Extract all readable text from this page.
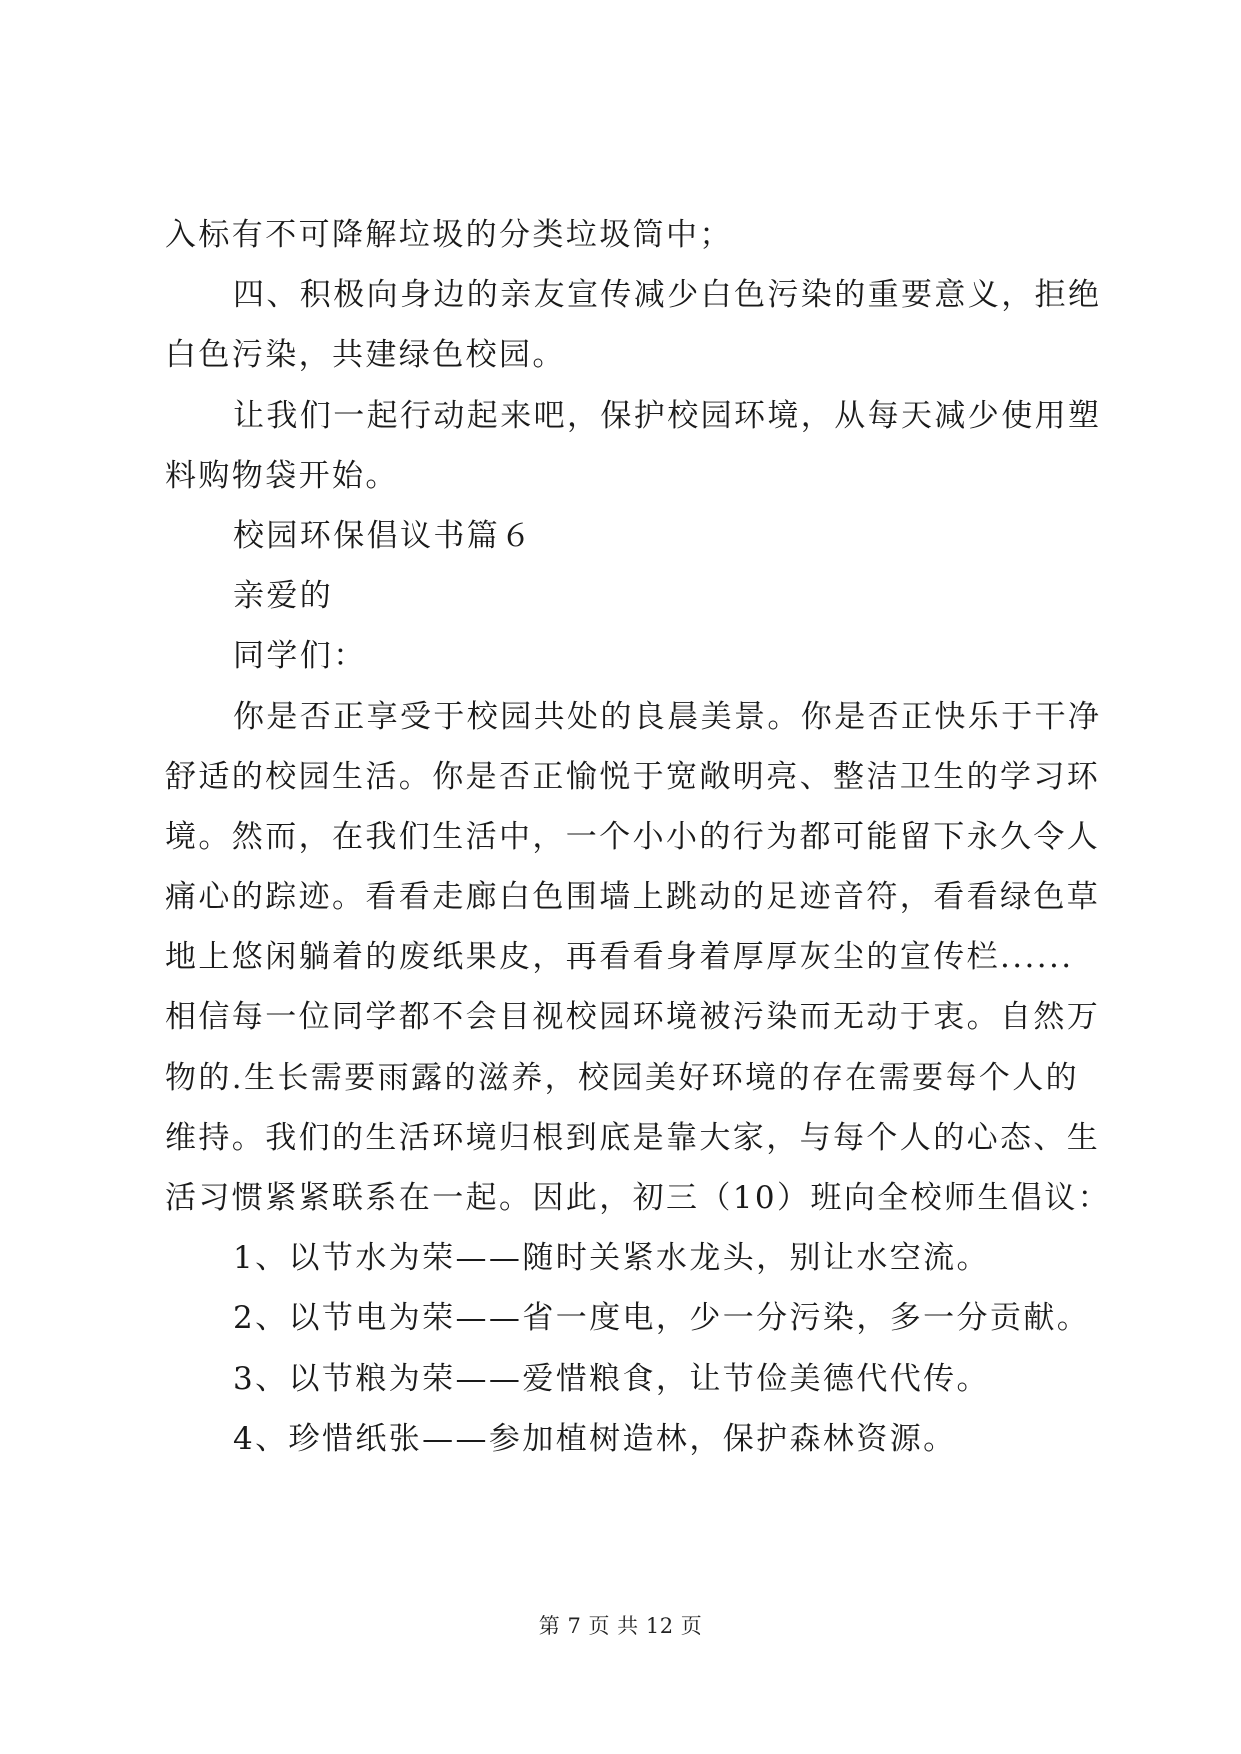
入标有不可降解垃圾的分类垃圾筒中；
四、积极向身边的亲友宣传减少白色污染的重要意义，拒绝
白色污染，共建绿色校园。
让我们一起行动起来吧，保护校园环境，从每天减少使用塑
料购物袋开始。
校园环保倡议书篇６
亲爱的
同学们：
你是否正享受于校园共处的良晨美景。你是否正快乐于干净
舒适的校园生活。你是否正愉悦于宽敞明亮、整洁卫生的学习环
境。然而，在我们生活中，一个小小的行为都可能留下永久令人
痛心的踪迹。看看走廊白色围墙上跳动的足迹音符，看看绿色草
地上悠闲躺着的废纸果皮，再看看身着厚厚灰尘的宣传栏......
相信每一位同学都不会目视校园环境被污染而无动于衷。自然万
物的.生长需要雨露的滋养，校园美好环境的存在需要每个人的
维持。我们的生活环境归根到底是靠大家，与每个人的心态、生
活习惯紧紧联系在一起。因此，初三（10）班向全校师生倡议：
1、以节水为荣——随时关紧水龙头，别让水空流。
2、以节电为荣——省一度电，少一分污染，多一分贡献。
3、以节粮为荣——爱惜粮食，让节俭美德代代传。
4、珍惜纸张——参加植树造林，保护森林资源。
第 7 页 共 12 页
